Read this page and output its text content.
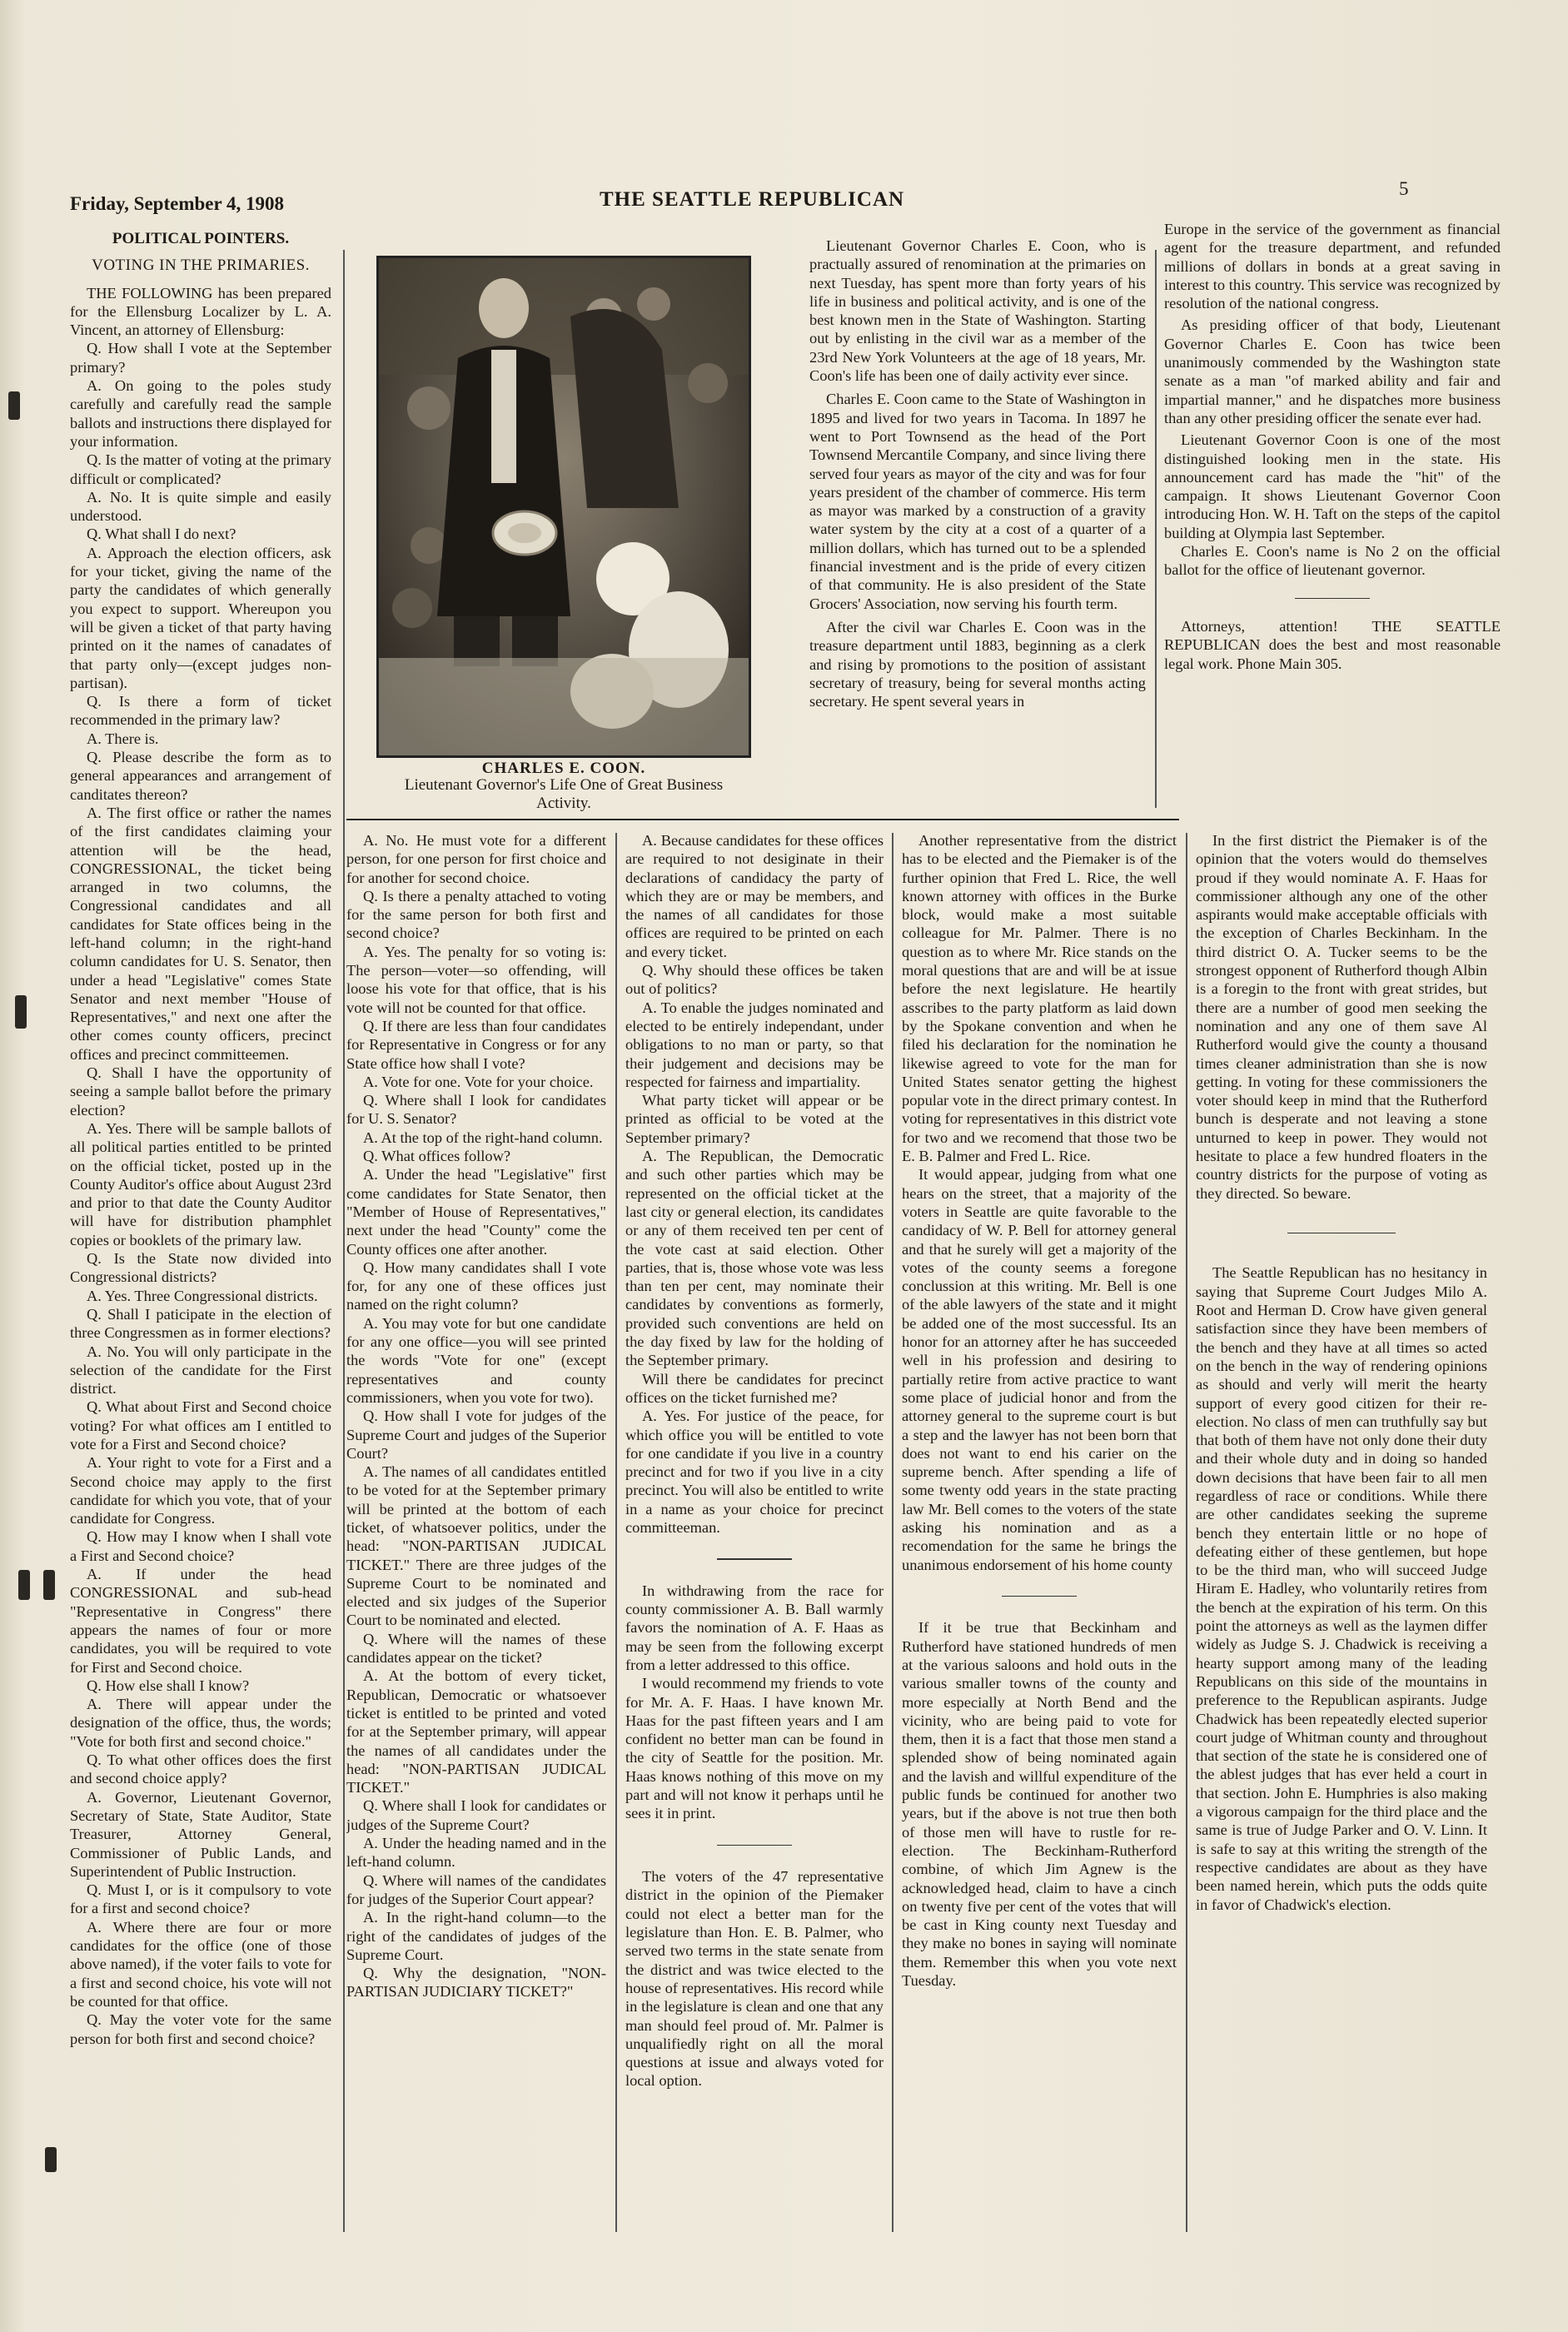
Friday, September 4, 1908	THE SEATTLE REPUBLICAN	5

POLITICAL POINTERS.

VOTING IN THE PRIMARIES.

THE FOLLOWING has been prepared for the Ellensburg Localizer by L. A. Vincent, an attorney of Ellensburg:

Q. How shall I vote at the September primary?

A. On going to the poles study carefully and carefully read the sample ballots and instructions there displayed for your information.

Q. Is the matter of voting at the primary difficult or complicated?

A. No. It is quite simple and easily understood.

Q. What shall I do next?

A. Approach the election officers, ask for your ticket, giving the name of the party the candidates of which generally you expect to support. Whereupon you will be given a ticket of that party having printed on it the names of canadates of that party only—(except judges non-partisan).

Q. Is there a form of ticket recommended in the primary law?

A. There is.

Q. Please describe the form as to general appearances and arrangement of canditates thereon?

A. The first office or rather the names of the first candidates claiming your attention will be the head, CONGRESSIONAL, the ticket being arranged in two columns, the Congressional candidates and all candidates for State offices being in the left-hand column; in the right-hand column candidates for U. S. Senator, then under a head "Legislative" comes State Senator and next member "House of Representatives," and next one after the other comes county officers, precinct offices and precinct committeemen.

Q. Shall I have the opportunity of seeing a sample ballot before the primary election?

A. Yes. There will be sample ballots of all political parties entitled to be printed on the official ticket, posted up in the County Auditor's office about August 23rd and prior to that date the County Auditor will have for distribution phamphlet copies or booklets of the primary law.

Q. Is the State now divided into Congressional districts?

A. Yes. Three Congressional districts.

Q. Shall I paticipate in the election of three Congressmen as in former elections?

A. No. You will only participate in the selection of the candidate for the First district.

Q. What about First and Second choice voting? For what offices am I entitled to vote for a First and Second choice?

A. Your right to vote for a First and a Second choice may apply to the first candidate for which you vote, that of your candidate for Congress.

Q. How may I know when I shall vote a First and Second choice?

A. If under the head CONGRESSIONAL and sub-head "Representative in Congress" there appears the names of four or more candidates, you will be required to vote for First and Second choice.

Q. How else shall I know?

A. There will appear under the designation of the office, thus, the words; "Vote for both first and second choice."

Q. To what other offices does the first and second choice apply?

A. Governor, Lieutenant Governor, Secretary of State, State Auditor, State Treasurer, Attorney General, Commissioner of Public Lands, and Superintendent of Public Instruction.

Q. Must I, or is it compulsory to vote for a first and second choice?

A. Where there are four or more candidates for the office (one of those above named), if the voter fails to vote for a first and second choice, his vote will not be counted for that office.

Q. May the voter vote for the same person for both first and second choice?

CHARLES E. COON.
Lieutenant Governor's Life One of Great Business Activity.

Lieutenant Governor Charles E. Coon, who is practually assured of renomination at the primaries on next Tuesday, has spent more than forty years of his life in business and political activity, and is one of the best known men in the State of Washington. Starting out by enlisting in the civil war as a member of the 23rd New York Volunteers at the age of 18 years, Mr. Coon's life has been one of daily activity ever since.

Charles E. Coon came to the State of Washington in 1895 and lived for two years in Tacoma. In 1897 he went to Port Townsend as the head of the Port Townsend Mercantile Company, and since living there served four years as mayor of the city and was for four years president of the chamber of commerce. His term as mayor was marked by a construction of a gravity water system by the city at a cost of a quarter of a million dollars, which has turned out to be a splended financial investment and is the pride of every citizen of that community. He is also president of the State Grocers' Association, now serving his fourth term.

After the civil war Charles E. Coon was in the treasure department until 1883, beginning as a clerk and rising by promotions to the position of assistant secretary of treasury, being for several months acting secretary. He spent several years in

Europe in the service of the government as financial agent for the treasure department, and refunded millions of dollars in bonds at a great saving in interest to this country. This service was recognized by resolution of the national congress.

As presiding officer of that body, Lieutenant Governor Charles E. Coon has twice been unanimously commended by the Washington state senate as a man "of marked ability and fair and impartial manner," and he dispatches more business than any other presiding officer the senate ever had.

Lieutenant Governor Coon is one of the most distinguished looking men in the state. His announcement card has made the "hit" of the campaign. It shows Lieutenant Governor Coon introducing Hon. W. H. Taft on the steps of the capitol building at Olympia last September.

Charles E. Coon's name is No 2 on the official ballot for the office of lieutenant governor.

Attorneys, attention! THE SEATTLE REPUBLICAN does the best and most reasonable legal work. Phone Main 305.

A. No. He must vote for a different person, for one person for first choice and for another for second choice.

Q. Is there a penalty attached to voting for the same person for both first and second choice?

A. Yes. The penalty for so voting is: The person—voter—so offending, will loose his vote for that office, that is his vote will not be counted for that office.

Q. If there are less than four candidates for Representative in Congress or for any State office how shall I vote?

A. Vote for one. Vote for your choice.

Q. Where shall I look for candidates for U. S. Senator?

A. At the top of the right-hand column.

Q. What offices follow?

A. Under the head "Legislative" first come candidates for State Senator, then "Member of House of Representatives," next under the head "County" come the County offices one after another.

Q. How many candidates shall I vote for, for any one of these offices just named on the right column?

A. You may vote for but one candidate for any one office—you will see printed the words "Vote for one" (except representatives and county commissioners, when you vote for two).

Q. How shall I vote for judges of the Supreme Court and judges of the Superior Court?

A. The names of all candidates entitled to be voted for at the September primary will be printed at the bottom of each ticket, of whatsoever politics, under the head: "NON-PARTISAN JUDICAL TICKET." There are three judges of the Supreme Court to be nominated and elected and six judges of the Superior Court to be nominated and elected.

Q. Where will the names of these candidates appear on the ticket?

A. At the bottom of every ticket, Republican, Democratic or whatsoever ticket is entitled to be printed and voted for at the September primary, will appear the names of all candidates under the head: "NON-PARTISAN JUDICAL TICKET."

Q. Where shall I look for candidates or judges of the Supreme Court?

A. Under the heading named and in the left-hand column.

Q. Where will names of the candidates for judges of the Superior Court appear?

A. In the right-hand column—to the right of the candidates of judges of the Supreme Court.

Q. Why the designation, "NON-PARTISAN JUDICIARY TICKET?"

A. Because candidates for these offices are required to not desiginate in their declarations of candidacy the party of which they are or may be members, and the names of all candidates for those offices are required to be printed on each and every ticket.

Q. Why should these offices be taken out of politics?

A. To enable the judges nominated and elected to be entirely independant, under obligations to no man or party, so that their judgement and decisions may be respected for fairness and impartiality.

What party ticket will appear or be printed as official to be voted at the September primary?

A. The Republican, the Democratic and such other parties which may be represented on the official ticket at the last city or general election, its candidates or any of them received ten per cent of the vote cast at said election. Other parties, that is, those whose vote was less than ten per cent, may nominate their candidates by conventions as formerly, provided such conventions are held on the day fixed by law for the holding of the September primary.

Will there be candidates for precinct offices on the ticket furnished me?

A. Yes. For justice of the peace, for which office you will be entitled to vote for one candidate if you live in a country precinct and for two if you live in a city precinct. You will also be entitled to write in a name as your choice for precinct committeeman.

In withdrawing from the race for county commissioner A. B. Ball warmly favors the nomination of A. F. Haas as may be seen from the following excerpt from a letter addressed to this office.

I would recommend my friends to vote for Mr. A. F. Haas. I have known Mr. Haas for the past fifteen years and I am confident no better man can be found in the city of Seattle for the position. Mr. Haas knows nothing of this move on my part and will not know it perhaps until he sees it in print.

The voters of the 47 representative district in the opinion of the Piemaker could not elect a better man for the legislature than Hon. E. B. Palmer, who served two terms in the state senate from the district and was twice elected to the house of representatives. His record while in the legislature is clean and one that any man should feel proud of. Mr. Palmer is unqualifiedly right on all the moral questions at issue and always voted for local option.

Another representative from the district has to be elected and the Piemaker is of the further opinion that Fred L. Rice, the well known attorney with offices in the Burke block, would make a most suitable colleague for Mr. Palmer. There is no question as to where Mr. Rice stands on the moral questions that are and will be at issue before the next legislature. He heartily asscribes to the party platform as laid down by the Spokane convention and when he filed his declaration for the nomination he likewise agreed to vote for the man for United States senator getting the highest popular vote in the direct primary contest. In voting for representatives in this district vote for two and we recomend that those two be E. B. Palmer and Fred L. Rice.

It would appear, judging from what one hears on the street, that a majority of the voters in Seattle are quite favorable to the candidacy of W. P. Bell for attorney general and that he surely will get a majority of the votes of the county seems a foregone conclussion at this writing. Mr. Bell is one of the able lawyers of the state and it might be added one of the most successful. Its an honor for an attorney after he has succeeded well in his profession and desiring to partially retire from active practice to want some place of judicial honor and from the attorney general to the supreme court is but a step and the lawyer has not been born that does not want to end his carier on the supreme bench. After spending a life of some twenty odd years in the state practing law Mr. Bell comes to the voters of the state asking his nomination and as a recomendation for the same he brings the unanimous endorsement of his home county

If it be true that Beckinham and Rutherford have stationed hundreds of men at the various saloons and hold outs in the various smaller towns of the county and more especially at North Bend and the vicinity, who are being paid to vote for them, then it is a fact that those men stand a splended show of being nominated again and the lavish and willful expenditure of the public funds be continued for another two years, but if the above is not true then both of those men will have to rustle for re-election. The Beckinham-Rutherford combine, of which Jim Agnew is the acknowledged head, claim to have a cinch on twenty five per cent of the votes that will be cast in King county next Tuesday and they make no bones in saying will nominate them. Remember this when you vote next Tuesday.

In the first district the Piemaker is of the opinion that the voters would do themselves proud if they would nominate A. F. Haas for commissioner although any one of the other aspirants would make acceptable officials with the exception of Charles Beckinham. In the third district O. A. Tucker seems to be the strongest opponent of Rutherford though Albin is a foregin to the front with great strides, but there are a number of good men seeking the nomination and any one of them save Al Rutherford would give the county a thousand times cleaner administration than she is now getting. In voting for these commissioners the voter should keep in mind that the Rutherford bunch is desperate and not leaving a stone unturned to keep in power. They would not hesitate to place a few hundred floaters in the country districts for the purpose of voting as they directed. So beware.

The Seattle Republican has no hesitancy in saying that Supreme Court Judges Milo A. Root and Herman D. Crow have given general satisfaction since they have been members of the bench and they have at all times so acted on the bench in the way of rendering opinions as should and verly will merit the hearty support of every good citizen for their re-election. No class of men can truthfully say but that both of them have not only done their duty and their whole duty and in doing so handed down decisions that have been fair to all men regardless of race or conditions. While there are other candidates seeking the supreme bench they entertain little or no hope of defeating either of these gentlemen, but hope to be the third man, who will succeed Judge Hiram E. Hadley, who voluntarily retires from the bench at the expiration of his term. On this point the attorneys as well as the laymen differ widely as Judge S. J. Chadwick is receiving a hearty support among many of the leading Republicans on this side of the mountains in preference to the Republican aspirants. Judge Chadwick has been repeatedly elected superior court judge of Whitman county and throughout that section of the state he is considered one of the ablest judges that has ever held a court in that section. John E. Humphries is also making a vigorous campaign for the third place and the same is true of Judge Parker and O. V. Linn. It is safe to say at this writing the strength of the respective candidates are about as they have been named herein, which puts the odds quite in favor of Chadwick's election.
